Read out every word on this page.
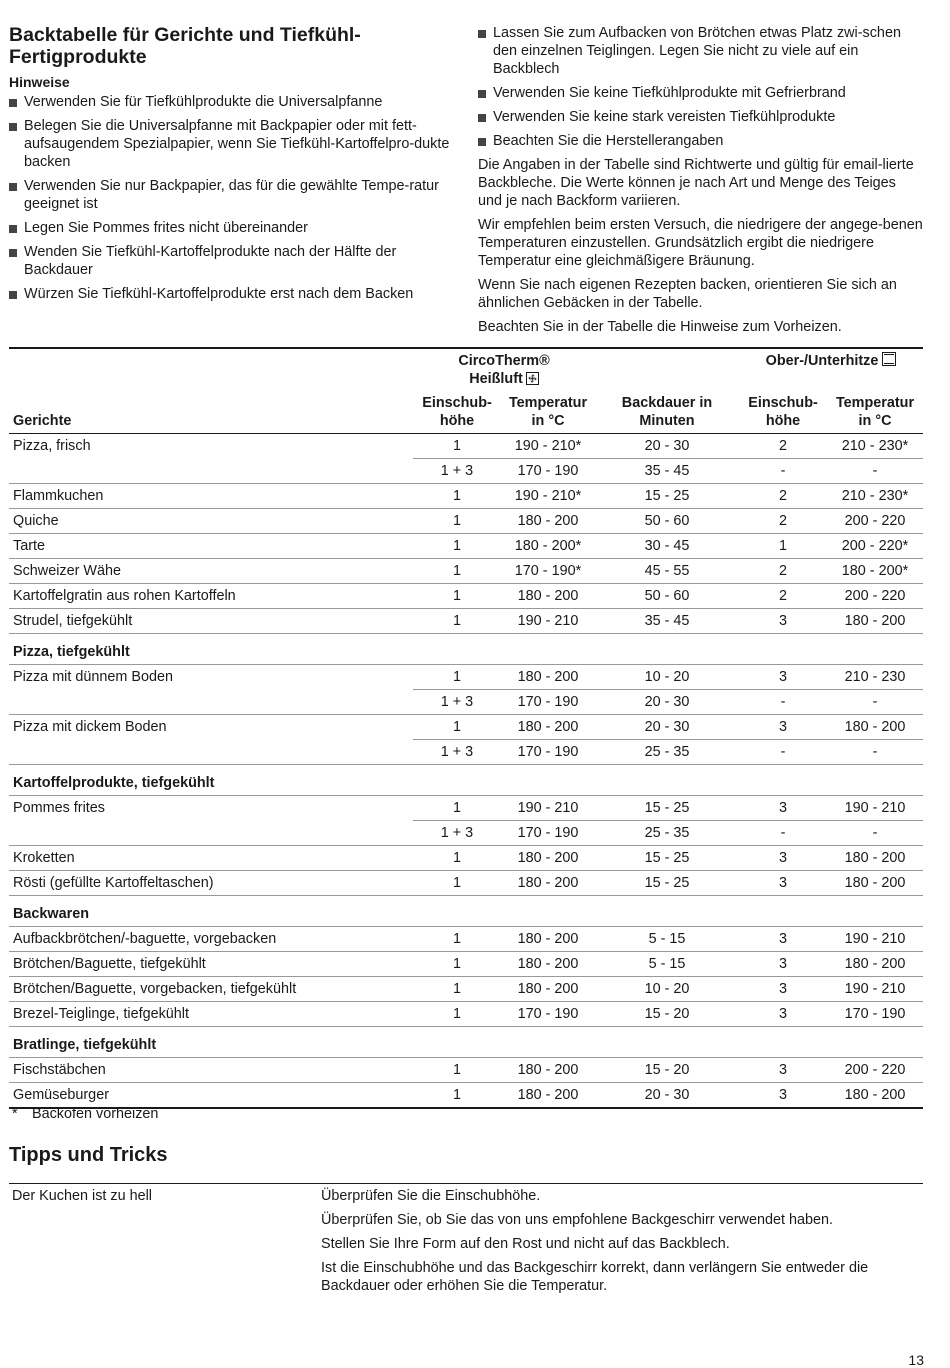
Backtabelle für Gerichte und Tiefkühl-Fertigprodukte
Hinweise
Verwenden Sie für Tiefkühlprodukte die Universalpfanne
Belegen Sie die Universalpfanne mit Backpapier oder mit fett-aufsaugendem Spezialpapier, wenn Sie Tiefkühl-Kartoffelpro-dukte backen
Verwenden Sie nur Backpapier, das für die gewählte Tempe-ratur geeignet ist
Legen Sie Pommes frites nicht übereinander
Wenden Sie Tiefkühl-Kartoffelprodukte nach der Hälfte der Backdauer
Würzen Sie Tiefkühl-Kartoffelprodukte erst nach dem Backen
Lassen Sie zum Aufbacken von Brötchen etwas Platz zwi-schen den einzelnen Teiglingen. Legen Sie nicht zu viele auf ein Backblech
Verwenden Sie keine Tiefkühlprodukte mit Gefrierbrand
Verwenden Sie keine stark vereisten Tiefkühlprodukte
Beachten Sie die Herstellerangaben

Die Angaben in der Tabelle sind Richtwerte und gültig für email-lierte Backbleche. Die Werte können je nach Art und Menge des Teiges und je nach Backform variieren.

Wir empfehlen beim ersten Versuch, die niedrigere der angege-benen Temperaturen einzustellen. Grundsätzlich ergibt die niedrigere Temperatur eine gleichmäßigere Bräunung.

Wenn Sie nach eigenen Rezepten backen, orientieren Sie sich an ähnlichen Gebäcken in der Tabelle.

Beachten Sie in der Tabelle die Hinweise zum Vorheizen.

	CircoTherm®
Heißluft			Ober-/Unterhitze	

Gerichte	Einschub-höhe	Temperatur in °C	Backdauer in Minuten	Einschub-höhe	Temperatur in °C
Pizza, frisch	1	190 - 210*	20 - 30	2	210 - 230*
	1 + 3	170 - 190	35 - 45	-	-
Flammkuchen	1	190 - 210*	15 - 25	2	210 - 230*
Quiche	1	180 - 200	50 - 60	2	200 - 220
Tarte	1	180 - 200*	30 - 45	1	200 - 220*
Schweizer Wähe	1	170 - 190*	45 - 55	2	180 - 200*
Kartoffelgratin aus rohen Kartoffeln	1	180 - 200	50 - 60	2	200 - 220
Strudel, tiefgekühlt	1	190 - 210	35 - 45	3	180 - 200
Pizza, tiefgekühlt					
Pizza mit dünnem Boden	1	180 - 200	10 - 20	3	210 - 230
	1 + 3	170 - 190	20 - 30	-	-
Pizza mit dickem Boden	1	180 - 200	20 - 30	3	180 - 200
	1 + 3	170 - 190	25 - 35	-	-
Kartoffelprodukte, tiefgekühlt					
Pommes frites	1	190 - 210	15 - 25	3	190 - 210
	1 + 3	170 - 190	25 - 35	-	-
Kroketten	1	180 - 200	15 - 25	3	180 - 200
Rösti (gefüllte Kartoffeltaschen)	1	180 - 200	15 - 25	3	180 - 200
Backwaren					
Aufbackbrötchen/-baguette, vorgebacken	1	180 - 200	5 - 15	3	190 - 210
Brötchen/Baguette, tiefgekühlt	1	180 - 200	5 - 15	3	180 - 200
Brötchen/Baguette, vorgebacken, tiefgekühlt	1	180 - 200	10 - 20	3	190 - 210
Brezel-Teiglinge, tiefgekühlt	1	170 - 190	15 - 20	3	170 - 190
Bratlinge, tiefgekühlt					
Fischstäbchen	1	180 - 200	15 - 20	3	200 - 220
Gemüseburger	1	180 - 200	20 - 30	3	180 - 200
* Backofen vorheizen
Tipps und Tricks
Der Kuchen ist zu hell	Überprüfen Sie die Einschubhöhe.

Überprüfen Sie, ob Sie das von uns empfohlene Backgeschirr verwendet haben.

Stellen Sie Ihre Form auf den Rost und nicht auf das Backblech.

Ist die Einschubhöhe und das Backgeschirr korrekt, dann verlängern Sie entweder die Backdauer oder erhöhen Sie die Temperatur.

13
